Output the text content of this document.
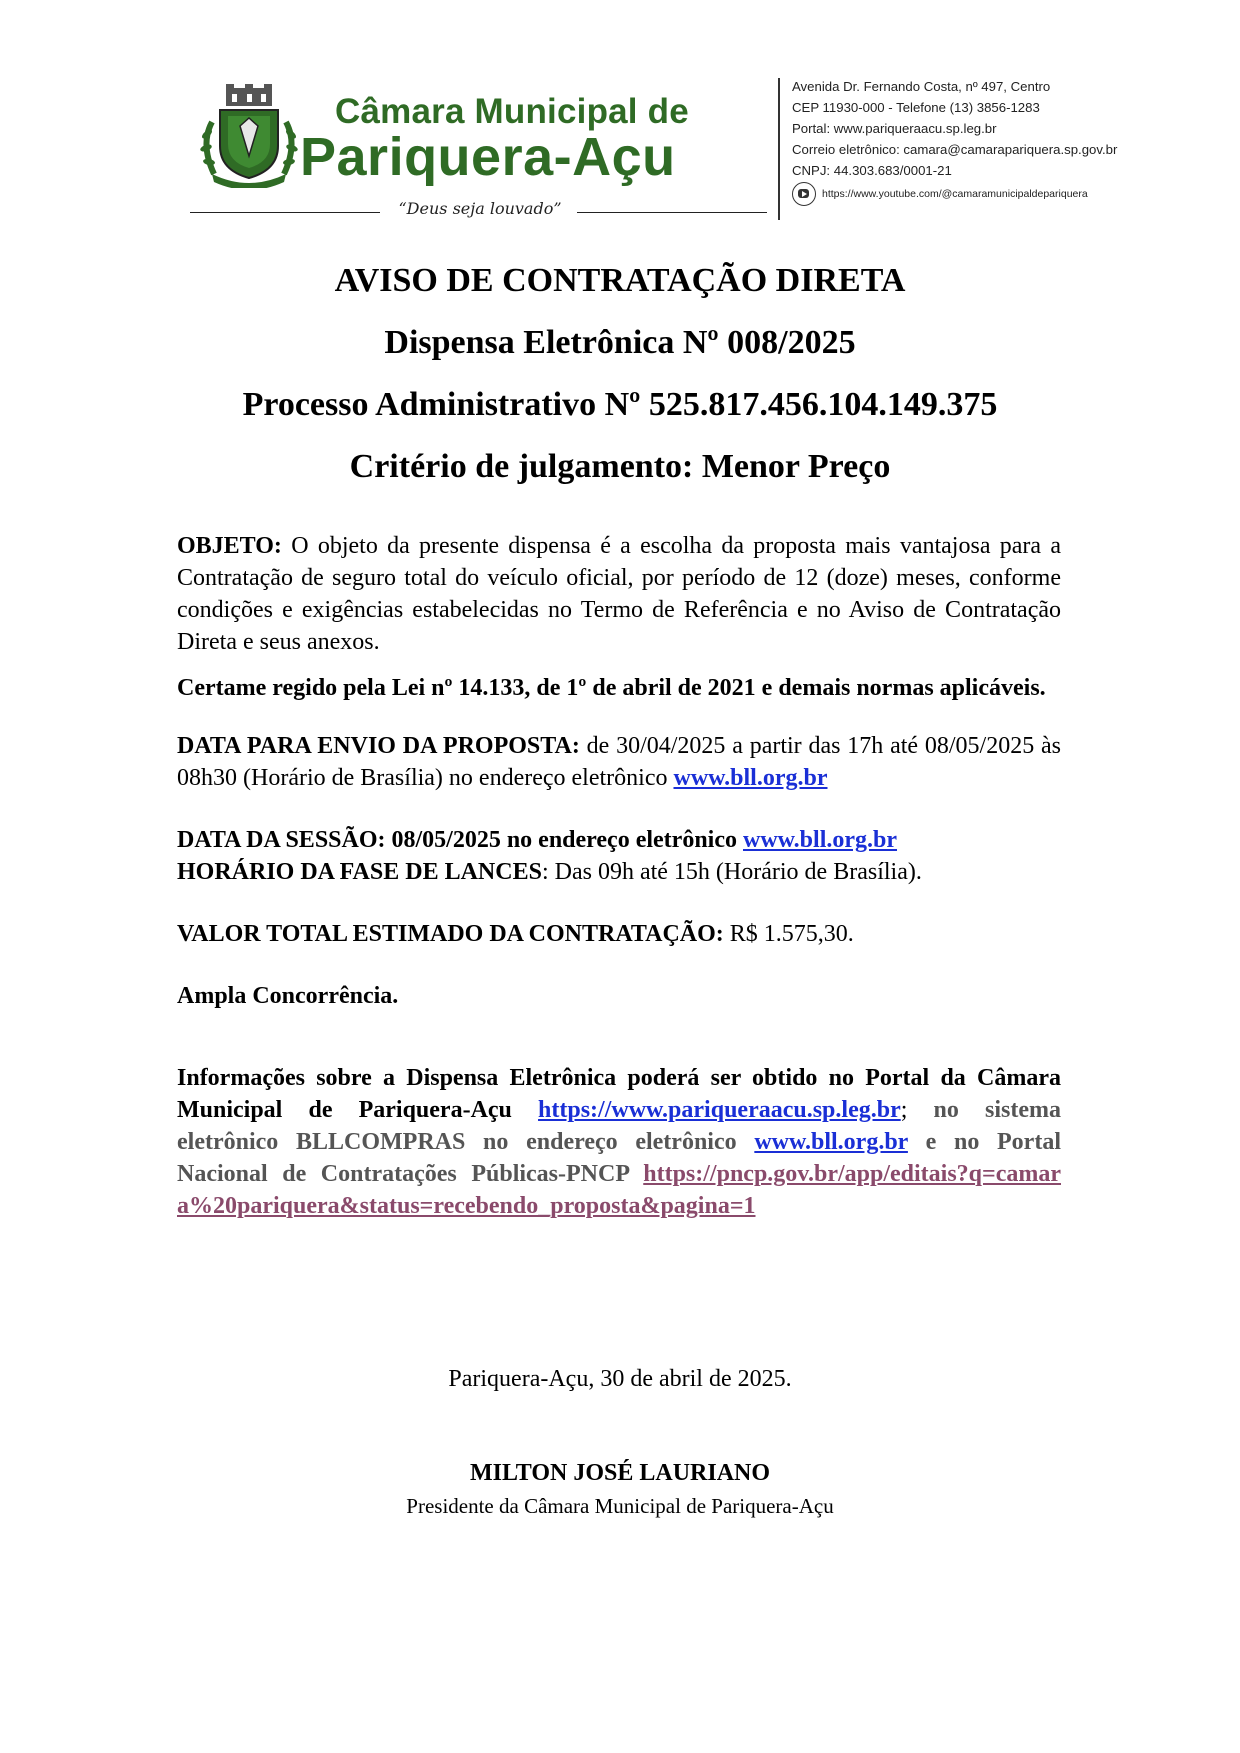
Câmara Municipal de
Pariquera-Açu
“Deus seja louvado”
Avenida Dr. Fernando Costa, nº 497, Centro
CEP 11930-000 - Telefone (13) 3856-1283
Portal: www.pariqueraacu.sp.leg.br
Correio eletrônico: camara@camarapariquera.sp.gov.br
CNPJ: 44.303.683/0001-21
https://www.youtube.com/@camaramunicipaldepariquera
AVISO DE CONTRATAÇÃO DIRETA
Dispensa Eletrônica Nº 008/2025
Processo Administrativo Nº 525.817.456.104.149.375
Critério de julgamento: Menor Preço

OBJETO: O objeto da presente dispensa é a escolha da proposta mais vantajosa para a Contratação de seguro total do veículo oficial, por período de 12 (doze) meses, conforme condições e exigências estabelecidas no Termo de Referência e no Aviso de Contratação Direta e seus anexos.

Certame regido pela Lei nº 14.133, de 1º de abril de 2021 e demais normas aplicáveis.

DATA PARA ENVIO DA PROPOSTA: de 30/04/2025 a partir das 17h até 08/05/2025 às 08h30 (Horário de Brasília) no endereço eletrônico www.bll.org.br

DATA DA SESSÃO: 08/05/2025 no endereço eletrônico www.bll.org.br
HORÁRIO DA FASE DE LANCES: Das 09h até 15h (Horário de Brasília).

VALOR TOTAL ESTIMADO DA CONTRATAÇÃO: R$ 1.575,30.

Ampla Concorrência.

Informações sobre a Dispensa Eletrônica poderá ser obtido no Portal da Câmara Municipal de Pariquera-Açu https://www.pariqueraacu.sp.leg.br; no sistema eletrônico BLLCOMPRAS no endereço eletrônico www.bll.org.br e no Portal Nacional de Contratações Públicas-PNCP https://pncp.gov.br/app/editais?q=camara%20pariquera&status=recebendo_proposta&pagina=1

Pariquera-Açu, 30 de abril de 2025.
MILTON JOSÉ LAURIANO
Presidente da Câmara Municipal de Pariquera-Açu
